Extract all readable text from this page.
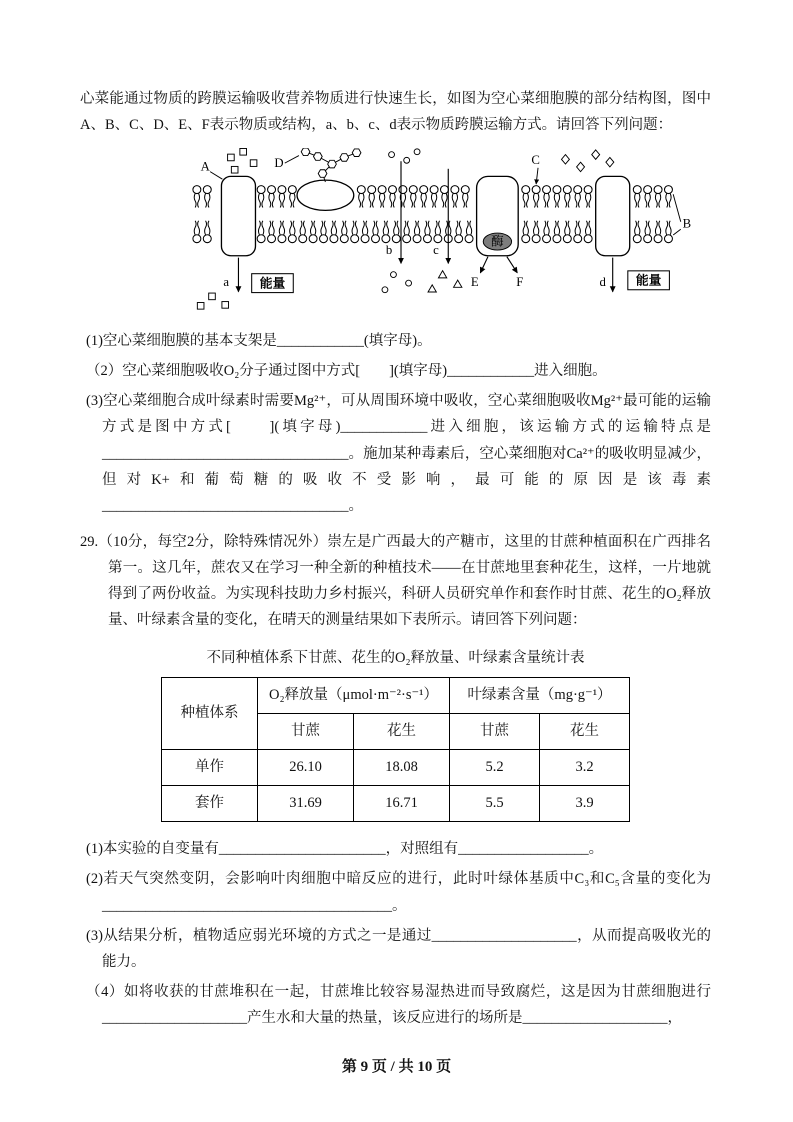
心菜能通过物质的跨膜运输吸收营养物质进行快速生长，如图为空心菜细胞膜的部分结构图，图中A、B、C、D、E、F表示物质或结构，a、b、c、d表示物质跨膜运输方式。请回答下列问题：

酶
A
B
C
D
E	F
a
b	c
d
能量	能量

(1)空心菜细胞膜的基本支架是____________(填字母)。

（2）空心菜细胞吸收O₂分子通过图中方式[　　](填字母)____________进入细胞。

(3)空心菜细胞合成叶绿素时需要Mg²⁺，可从周围环境中吸收，空心菜细胞吸收Mg²⁺最可能的运输方式是图中方式[　　](填字母)____________进入细胞，该运输方式的运输特点是__________________________________。施加某种毒素后，空心菜细胞对Ca²⁺的吸收明显减少，但对K+和葡萄糖的吸收不受影响，最可能的原因是该毒素__________________________________。

29.（10分，每空2分，除特殊情况外）崇左是广西最大的产糖市，这里的甘蔗种植面积在广西排名第一。这几年，蔗农又在学习一种全新的种植技术——在甘蔗地里套种花生，这样，一片地就得到了两份收益。为实现科技助力乡村振兴，科研人员研究单作和套作时甘蔗、花生的O₂释放量、叶绿素含量的变化，在晴天的测量结果如下表所示。请回答下列问题：

不同种植体系下甘蔗、花生的O₂释放量、叶绿素含量统计表

种植体系	O₂释放量（μmol·m⁻²·s⁻¹）		叶绿素含量（mg·g⁻¹）	
	甘蔗	花生	甘蔗	花生
单作	26.10	18.08	5.2	3.2
套作	31.69	16.71	5.5	3.9

(1)本实验的自变量有_______________________，对照组有__________________。

(2)若天气突然变阴，会影响叶肉细胞中暗反应的进行，此时叶绿体基质中C₃和C₅含量的变化为________________________________________。

(3)从结果分析，植物适应弱光环境的方式之一是通过____________________，从而提高吸收光的能力。

（4）如将收获的甘蔗堆积在一起，甘蔗堆比较容易湿热进而导致腐烂，这是因为甘蔗细胞进行____________________产生水和大量的热量，该反应进行的场所是____________________，

第 9 页 / 共 10 页
